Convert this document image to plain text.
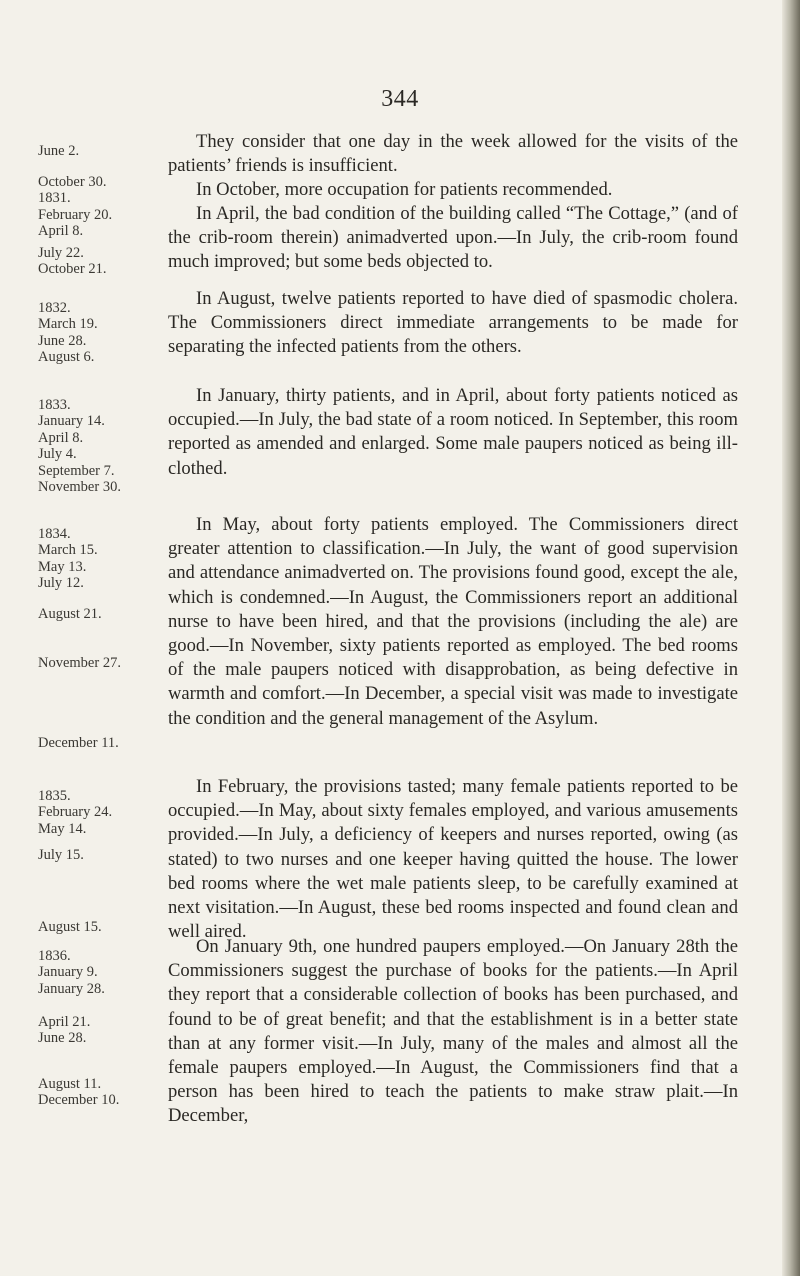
344
June 2.
October 30.
1831.
February 20.
April 8.
July 22.
October 21.
1832.
March 19.
June 28.
August 6.
1833.
January 14.
April 8.
July 4.
September 7.
November 30.
1834.
March 15.
May 13.
July 12.
August 21.
November 27.
December 11.
1835.
February 24.
May 14.
July 15.
August 15.
1836.
January 9.
January 28.
April 21.
June 28.
August 11.
December 10.

They consider that one day in the week allowed for the visits of the patients’ friends is insufficient.

In October, more occupation for patients recommended.

In April, the bad condition of the building called “The Cottage,” (and of the crib-room therein) animadverted upon.—In July, the crib-room found much improved; but some beds objected to.

In August, twelve patients reported to have died of spasmodic cholera. The Commissioners direct immediate arrangements to be made for separating the infected patients from the others.

In January, thirty patients, and in April, about forty patients noticed as occupied.—In July, the bad state of a room noticed. In September, this room reported as amended and enlarged. Some male paupers noticed as being ill-clothed.

In May, about forty patients employed. The Commissioners direct greater attention to classification.—In July, the want of good supervision and attendance animadverted on. The provisions found good, except the ale, which is condemned.—In August, the Commissioners report an additional nurse to have been hired, and that the provisions (including the ale) are good.—In November, sixty patients reported as employed. The bed rooms of the male paupers noticed with disapprobation, as being defective in warmth and comfort.—In December, a special visit was made to investigate the condition and the general management of the Asylum.

In February, the provisions tasted; many female patients reported to be occupied.—In May, about sixty females employed, and various amusements provided.—In July, a deficiency of keepers and nurses reported, owing (as stated) to two nurses and one keeper having quitted the house. The lower bed rooms where the wet male patients sleep, to be carefully examined at next visitation.—In August, these bed rooms inspected and found clean and well aired.

On January 9th, one hundred paupers employed.—On January 28th the Commissioners suggest the purchase of books for the patients.—In April they report that a considerable collection of books has been purchased, and found to be of great benefit; and that the establishment is in a better state than at any former visit.—In July, many of the males and almost all the female paupers employed.—In August, the Commissioners find that a person has been hired to teach the patients to make straw plait.—In December,
